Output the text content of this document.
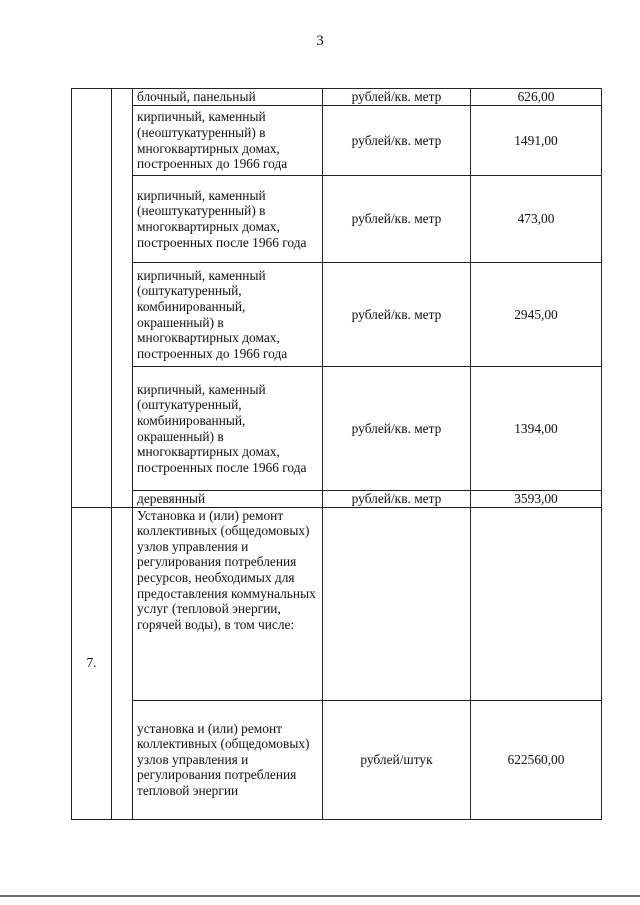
3
		блочный, панельный	рублей/кв. метр	626,00
		кирпичный, каменный (неоштукатуренный) в многоквартирных домах, построенных до 1966 года	рублей/кв. метр	1491,00
		кирпичный, каменный (неоштукатуренный) в многоквартирных домах, построенных после 1966 года	рублей/кв. метр	473,00
		кирпичный, каменный (оштукатуренный, комбинированный, окрашенный) в многоквартирных домах, построенных до 1966 года	рублей/кв. метр	2945,00
		кирпичный, каменный (оштукатуренный, комбинированный, окрашенный) в многоквартирных домах, построенных после 1966 года	рублей/кв. метр	1394,00
		деревянный	рублей/кв. метр	3593,00
7.		Установка и (или) ремонт коллективных (общедомовых) узлов управления и регулирования потребления ресурсов, необходимых для предоставления коммунальных услуг (тепловой энергии, горячей воды), в том числе:		
		установка и (или) ремонт коллективных (общедомовых) узлов управления и регулирования потребления тепловой энергии	рублей/штук	622560,00
